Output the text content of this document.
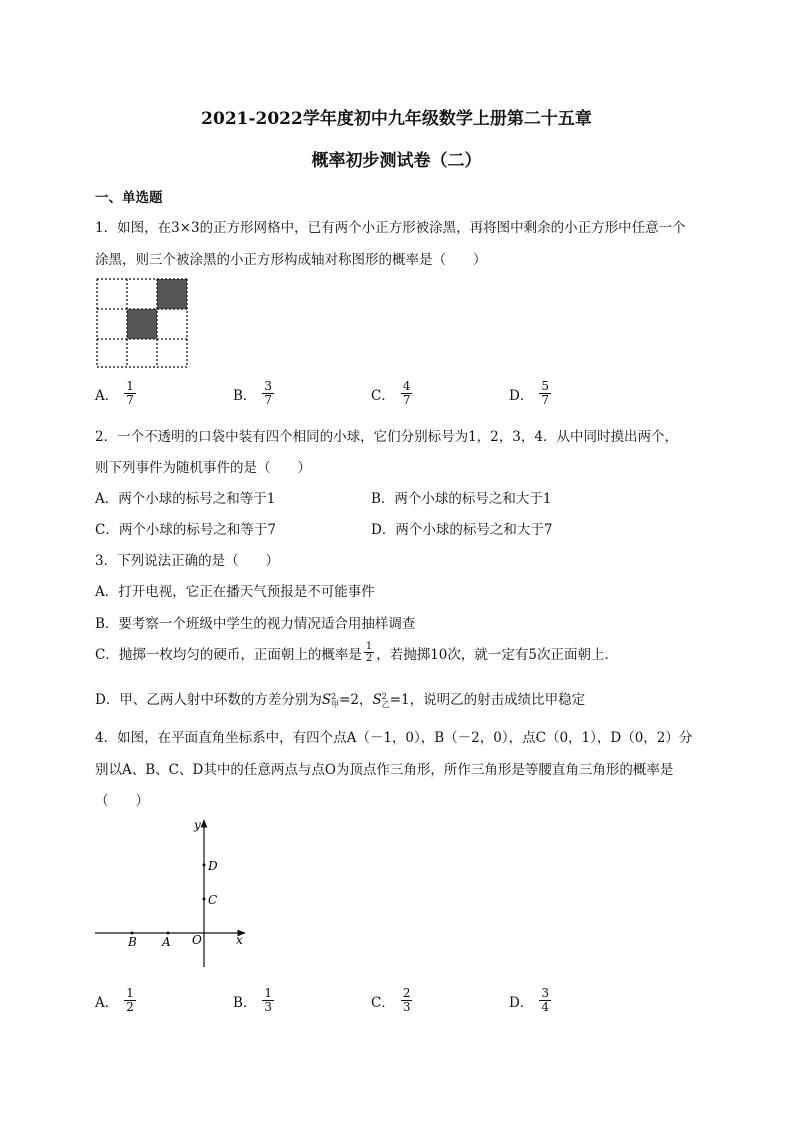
2021-2022学年度初中九年级数学上册第二十五章
概率初步测试卷（二）
一、单选题
1．如图，在3×3的正方形网格中，已有两个小正方形被涂黑，再将图中剩余的小正方形中任意一个
涂黑，则三个被涂黑的小正方形构成轴对称图形的概率是（　　）
A． $\frac{1}{7}$	B． $\frac{3}{7}$	C． $\frac{4}{7}$	D． $\frac{5}{7}$
2．一个不透明的口袋中装有四个相同的小球，它们分别标号为1，2，3，4．从中同时摸出两个，
则下列事件为随机事件的是（　　）
A．两个小球的标号之和等于1	B．两个小球的标号之和大于1
C．两个小球的标号之和等于7	D．两个小球的标号之和大于7
3．下列说法正确的是（　　）
A．打开电视，它正在播天气预报是不可能事件
B．要考察一个班级中学生的视力情况适合用抽样调查
C．抛掷一枚均匀的硬币，正面朝上的概率是 $\frac{1}{2}$ ，若抛掷10次，就一定有5次正面朝上．
D．甲、乙两人射中环数的方差分别为S 2
甲 =2，S 2
乙 =1，说明乙的射击成绩比甲稳定
4．如图，在平面直角坐标系中，有四个点A（－1，0），B（－2，0），点C（0，1），D（0，2）分
别以A、B、C、D其中的任意两点与点O为顶点作三角形，所作三角形是等腰直角三角形的概率是
（　　）
y
x
D
C
O
B A
A． $\frac{1}{2}$	B． $\frac{1}{3}$	C． $\frac{2}{3}$	D． $\frac{3}{4}$
